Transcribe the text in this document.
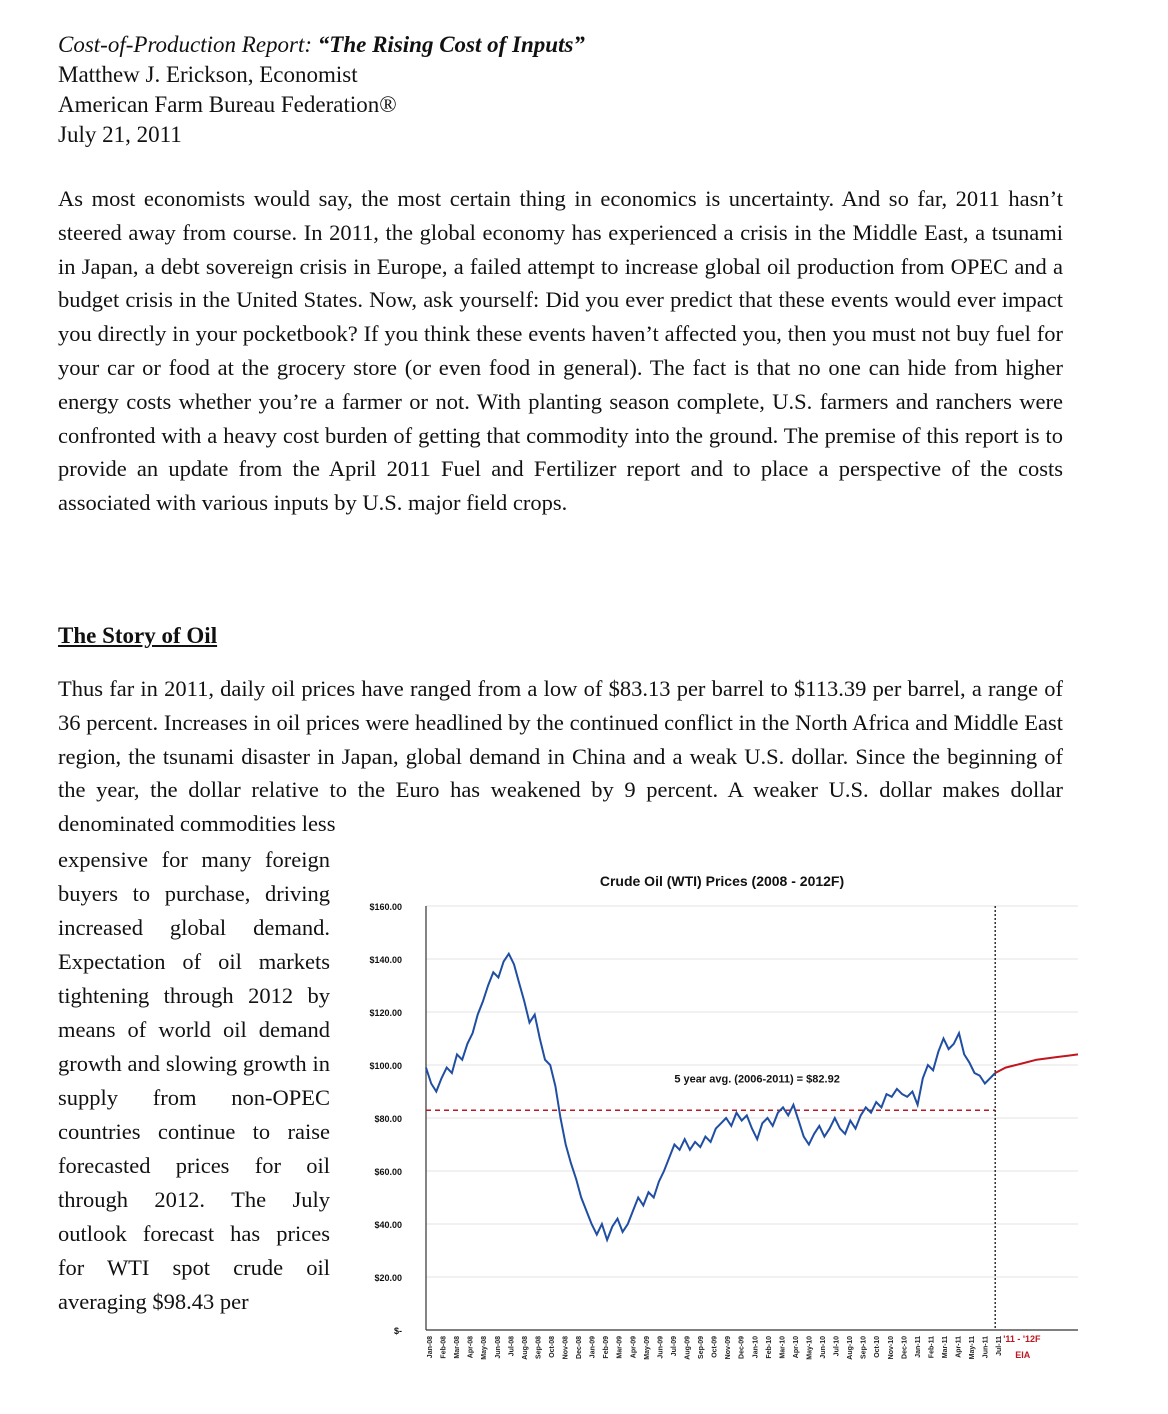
Cost-of-Production Report: “The Rising Cost of Inputs”
Matthew J. Erickson, Economist
American Farm Bureau Federation®
July 21, 2011

As most economists would say, the most certain thing in economics is uncertainty. And so far, 2011 hasn’t steered away from course. In 2011, the global economy has experienced a crisis in the Middle East, a tsunami in Japan, a debt sovereign crisis in Europe, a failed attempt to increase global oil production from OPEC and a budget crisis in the United States. Now, ask yourself: Did you ever predict that these events would ever impact you directly in your pocketbook? If you think these events haven’t affected you, then you must not buy fuel for your car or food at the grocery store (or even food in general). The fact is that no one can hide from higher energy costs whether you’re a farmer or not. With planting season complete, U.S. farmers and ranchers were confronted with a heavy cost burden of getting that commodity into the ground. The premise of this report is to provide an update from the April 2011 Fuel and Fertilizer report and to place a perspective of the costs associated with various inputs by U.S. major field crops.

The Story of Oil

Thus far in 2011, daily oil prices have ranged from a low of $83.13 per barrel to $113.39 per barrel, a range of 36 percent. Increases in oil prices were headlined by the continued conflict in the North Africa and Middle East region, the tsunami disaster in Japan, global demand in China and a weak U.S. dollar. Since the beginning of the year, the dollar relative to the Euro has weakened by 9 percent. A weaker U.S. dollar makes dollar denominated commodities less

expensive for many foreign buyers to purchase, driving increased global demand. Expectation of oil markets tightening through 2012 by means of world oil demand growth and slowing growth in supply from non-OPEC countries continue to raise forecasted prices for oil through 2012. The July outlook forecast has prices for WTI spot crude oil averaging $98.43 per

Crude Oil (WTI) Prices (2008 - 2012F)
$-
$20.00
$40.00
$60.00
$80.00
$100.00
$120.00
$140.00
$160.00
Jan-08 Feb-08 Mar-08 Apr-08 May-08 Jun-08 Jul-08 Aug-08 Sep-08 Oct-08 Nov-08 Dec-08 Jan-09 Feb-09 Mar-09 Apr-09 May-09 Jun-09 Jul-09 Aug-09 Sep-09 Oct-09 Nov-09 Dec-09 Jan-10 Feb-10 Mar-10 Apr-10 May-10 Jun-10 Jul-10 Aug-10 Sep-10 Oct-10 Nov-10 Dec-10 Jan-11 Feb-11 Mar-11 Apr-11 May-11 Jun-11 Jul-11
5 year avg. (2006-2011) = $82.92
'11 - '12F
EIA
